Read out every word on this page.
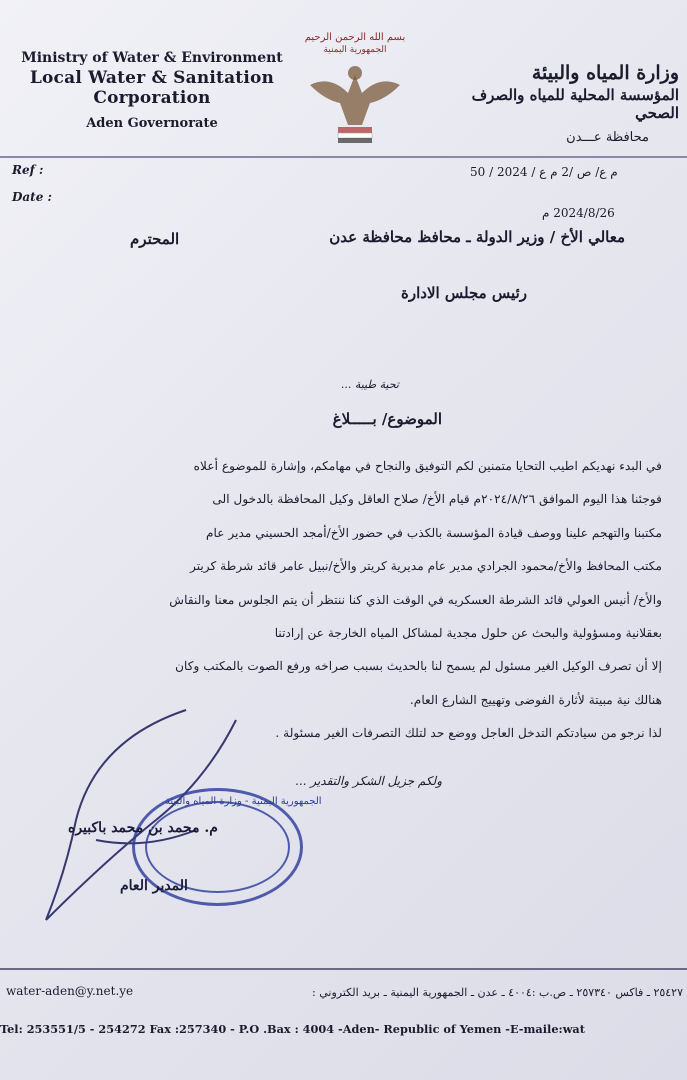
Ministry of Water & Environment
Local Water & Sanitation Corporation
Aden Governorate
بسم الله الرحمن الرحيم
الجمهورية اليمنية
وزارة المياه والبيئة
المؤسسة المحلية للمياه والصرف الصحي
محافظة عـــدن
Ref :
Date :
م ع/ ص /2 م ع / 2024 / 50
2024/8/26 م
معالي الأخ / وزير الدولة ـ محافظ محافظة عدن
المحترم
رئيس مجلس الادارة
تحية طيبة ...
الموضوع/ بـــــلاغ
في البدء نهديكم اطيب التحايا متمنين لكم التوفيق والنجاح في مهامكم، وإشارة للموضوع أعلاه
فوجئنا هذا اليوم الموافق ٢٠٢٤/٨/٢٦م قيام الأخ/ صلاح العاقل وكيل المحافظة بالدخول الى
مكتبنا والتهجم علينا ووصف قيادة المؤسسة بالكذب في حضور الأخ/أمجد الحسيني مدير عام
مكتب المحافظ والأخ/محمود الجرادي مدير عام مديرية كريتر والأخ/نبيل عامر قائد شرطة كريتر
والأخ/ أنيس العولي قائد الشرطة العسكريه في الوقت الذي كنا ننتظر أن يتم الجلوس معنا والنقاش
بعقلانية ومسؤولية والبحث عن حلول مجدية لمشاكل المياه الخارجة عن إرادتنا
إلا أن تصرف الوكيل الغير مسئول لم يسمح لنا بالحديث بسبب صراخه ورفع الصوت بالمكتب وكان
هنالك نية مبيتة لأثارة الفوضى وتهييج الشارع العام.
لذا نرجو من سيادتكم التدخل العاجل ووضع حد لتلك التصرفات الغير مسئولة .
ولكم جزيل الشكر والتقدير ...
الجمهورية اليمنية - وزارة المياه والبيئة
م. محمد بن محمد باكبيره
المدير العام
water-aden@y.net.ye	٢٥٤٢٧ ـ فاكس ٢٥٧٣٤٠ ـ ص.ب :٤٠٠٤ ـ عدن ـ الجمهورية اليمنية ـ بريد الكتروني :
Tel: 253551/5 - 254272 Fax :257340 - P.O .Bax : 4004 -Aden- Republic of Yemen -E-maile:wat
